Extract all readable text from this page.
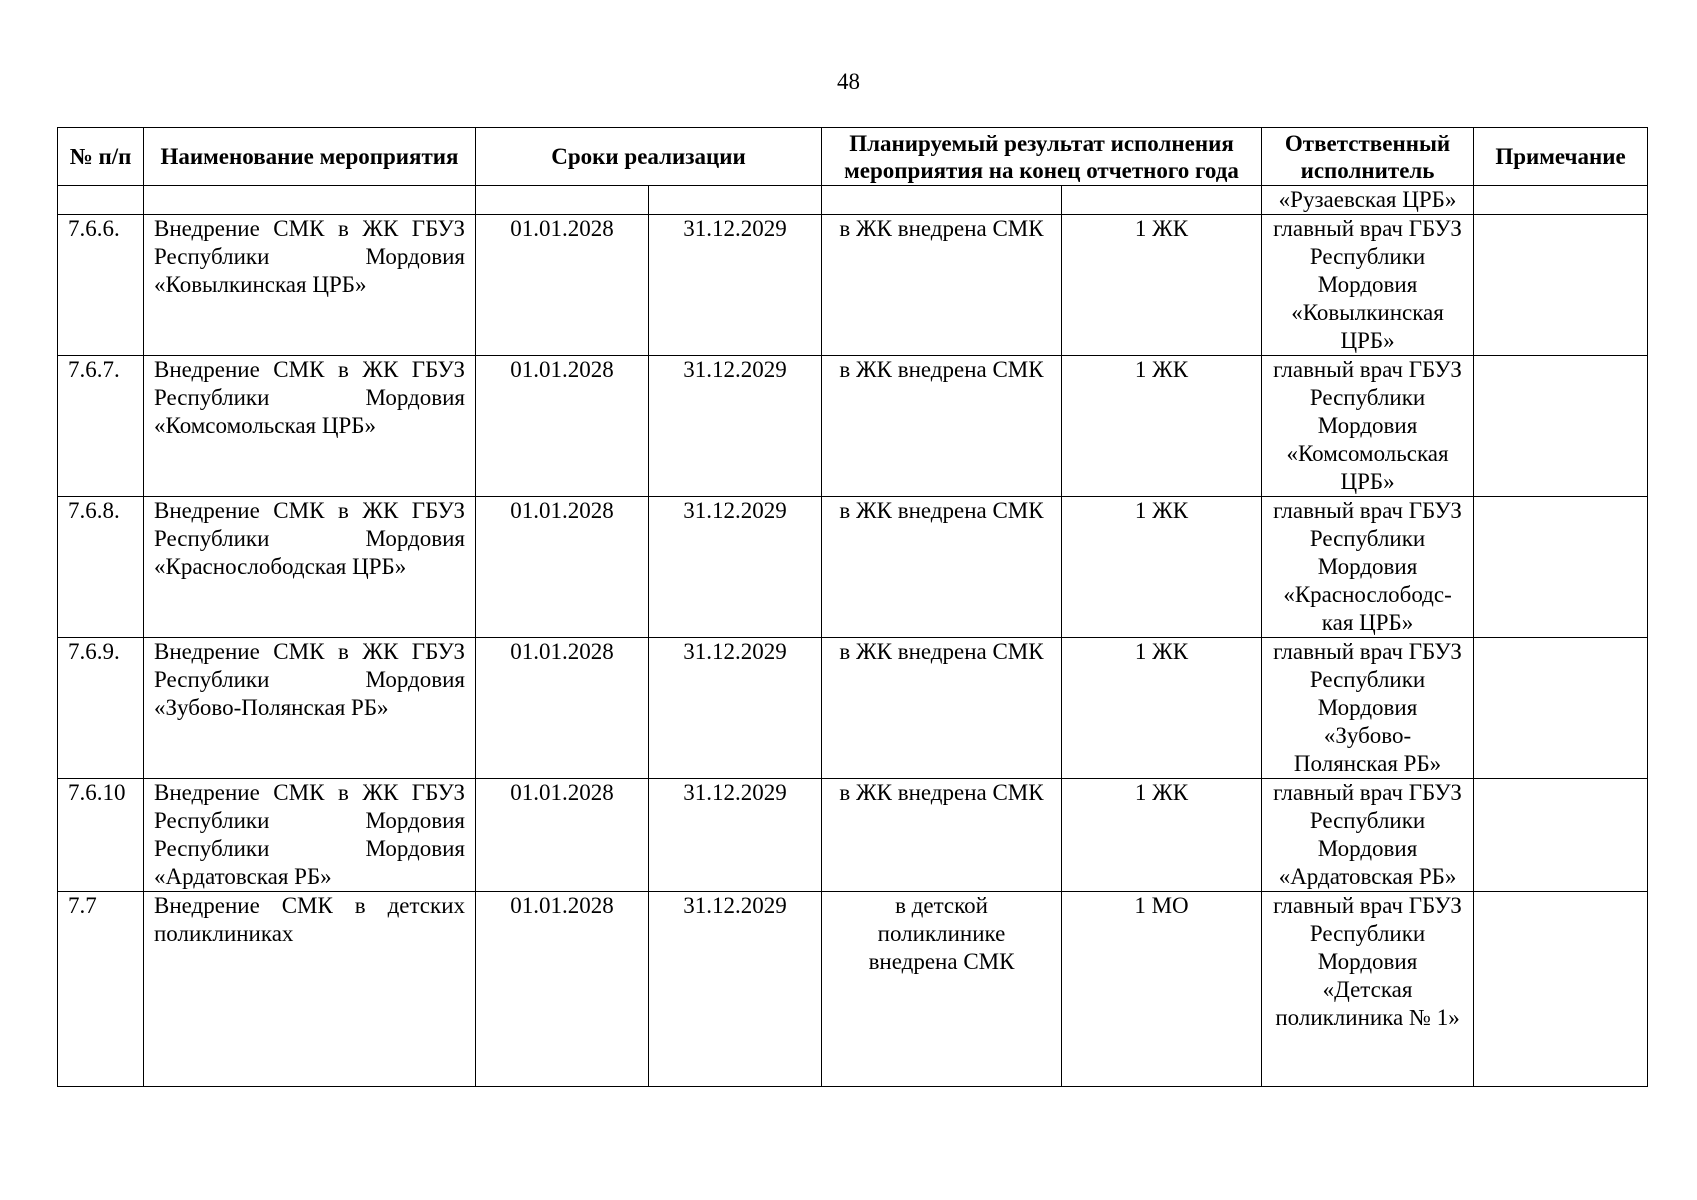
48
№ п/п	Наименование мероприятия	Сроки реализации		Планируемый результат исполнения мероприятия на конец отчетного года		Ответственный исполнитель	Примечание
						«Рузаевская ЦРБ»	
7.6.6.	Внедрение СМК в ЖК ГБУЗ Республики Мордовия «Ковылкинская ЦРБ»	01.01.2028	31.12.2029	в ЖК внедрена СМК	1 ЖК	главный врач ГБУЗ Республики Мордовия «Ковылкинская ЦРБ»	
7.6.7.	Внедрение СМК в ЖК ГБУЗ Республики Мордовия «Комсомольская ЦРБ»	01.01.2028	31.12.2029	в ЖК внедрена СМК	1 ЖК	главный врач ГБУЗ Республики Мордовия «Комсомольская ЦРБ»	
7.6.8.	Внедрение СМК в ЖК ГБУЗ Республики Мордовия «Краснослободская ЦРБ»	01.01.2028	31.12.2029	в ЖК внедрена СМК	1 ЖК	главный врач ГБУЗ Республики Мордовия «Краснослободс-кая ЦРБ»	
7.6.9.	Внедрение СМК в ЖК ГБУЗ Республики Мордовия «Зубово-Полянская РБ»	01.01.2028	31.12.2029	в ЖК внедрена СМК	1 ЖК	главный врач ГБУЗ Республики Мордовия «Зубово-Полянская РБ»	
7.6.10	Внедрение СМК в ЖК ГБУЗ Республики Мордовия Республики Мордовия «Ардатовская РБ»	01.01.2028	31.12.2029	в ЖК внедрена СМК	1 ЖК	главный врач ГБУЗ Республики Мордовия «Ардатовская РБ»	
7.7	Внедрение СМК в детских поликлиниках	01.01.2028	31.12.2029	в детской поликлинике внедрена СМК	1 МО	главный врач ГБУЗ Республики Мордовия «Детская поликлиника № 1»	
